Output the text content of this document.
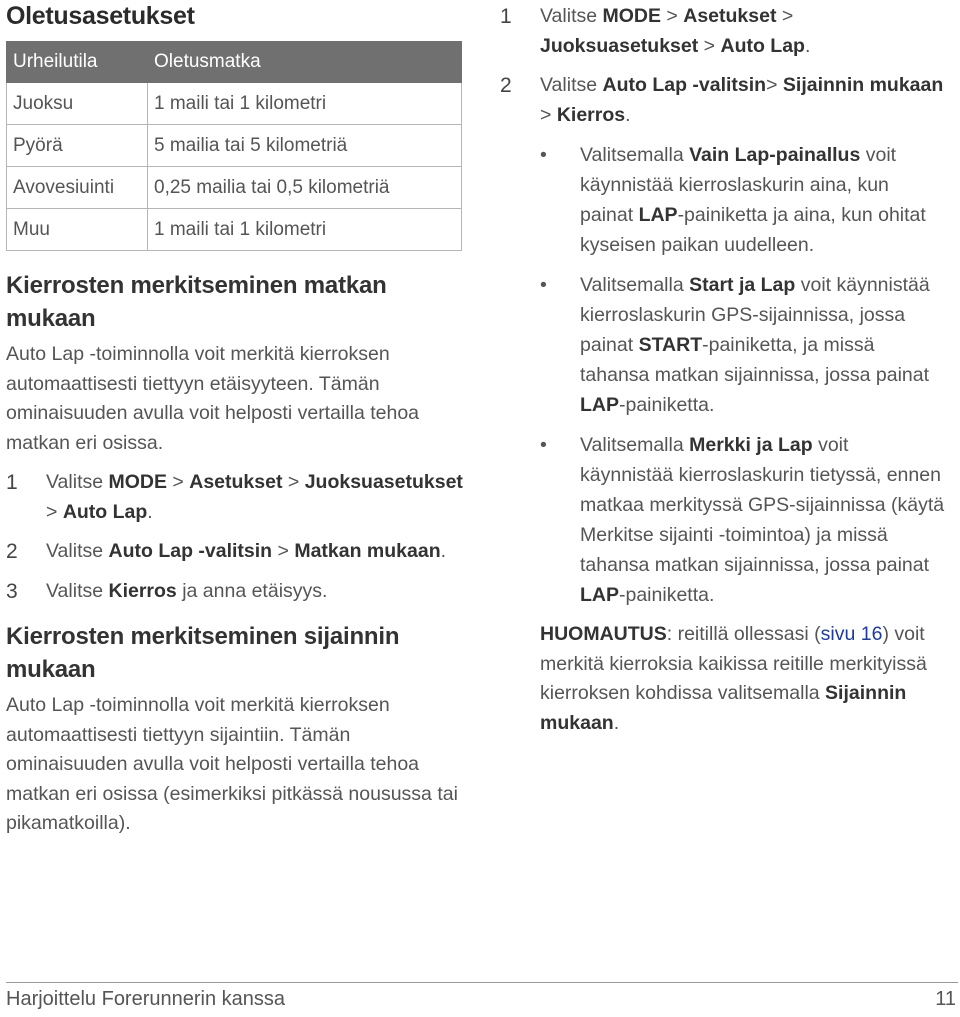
Oletusasetukset
Urheilutila	Oletusmatka
Juoksu	1 maili tai 1 kilometri
Pyörä	5 mailia tai 5 kilometriä
Avovesiuinti	0,25 mailia tai 0,5 kilometriä
Muu	1 maili tai 1 kilometri
Kierrosten merkitseminen matkan mukaan

Auto Lap -toiminnolla voit merkitä kierroksen automaattisesti tiettyyn etäisyyteen. Tämän ominaisuuden avulla voit helposti vertailla tehoa matkan eri osissa.

1 Valitse MODE > Asetukset > Juoksuasetukset > Auto Lap.
2 Valitse Auto Lap -valitsin > Matkan mukaan.
3 Valitse Kierros ja anna etäisyys.
Kierrosten merkitseminen sijainnin mukaan

Auto Lap -toiminnolla voit merkitä kierroksen automaattisesti tiettyyn sijaintiin. Tämän ominaisuuden avulla voit helposti vertailla tehoa matkan eri osissa (esimerkiksi pitkässä nousussa tai pikamatkoilla).

1 Valitse MODE > Asetukset > Juoksuasetukset > Auto Lap.
2 Valitse Auto Lap -valitsin> Sijainnin mukaan > Kierros.
• Valitsemalla Vain Lap-painallus voit käynnistää kierroslaskurin aina, kun painat LAP-painiketta ja aina, kun ohitat kyseisen paikan uudelleen.
• Valitsemalla Start ja Lap voit käynnistää kierroslaskurin GPS-sijainnissa, jossa painat START-painiketta, ja missä tahansa matkan sijainnissa, jossa painat LAP-painiketta.
• Valitsemalla Merkki ja Lap voit käynnistää kierroslaskurin tietyssä, ennen matkaa merkityssä GPS-sijainnissa (käytä Merkitse sijainti -toimintoa) ja missä tahansa matkan sijainnissa, jossa painat LAP-painiketta.

HUOMAUTUS: reitillä ollessasi (sivu 16) voit merkitä kierroksia kaikissa reitille merkityissä kierroksen kohdissa valitsemalla Sijainnin mukaan.

Harjoittelu Forerunnerin kanssa	11
